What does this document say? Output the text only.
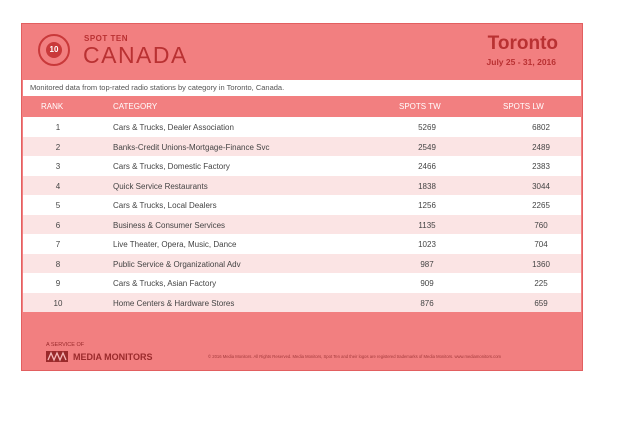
10
SPOT TEN
CANADA	Toronto
July 25 - 31, 2016
Monitored data from top-rated radio stations by category in Toronto, Canada.
RANK	CATEGORY	SPOTS TW	SPOTS LW
1	Cars & Trucks, Dealer Association	5269	6802
2	Banks-Credit Unions-Mortgage-Finance Svc	2549	2489
3	Cars & Trucks, Domestic Factory	2466	2383
4	Quick Service Restaurants	1838	3044
5	Cars & Trucks, Local Dealers	1256	2265
6	Business & Consumer Services	1135	760
7	Live Theater, Opera, Music, Dance	1023	704
8	Public Service & Organizational Adv	987	1360
9	Cars & Trucks, Asian Factory	909	225
10	Home Centers & Hardware Stores	876	659
A SERVICE OF
MEDIA MONITORS	© 2016 Media Monitors. All Rights Reserved. Media Monitors, Spot Ten and their logos are registered trademarks of Media Monitors. www.mediamonitors.com
